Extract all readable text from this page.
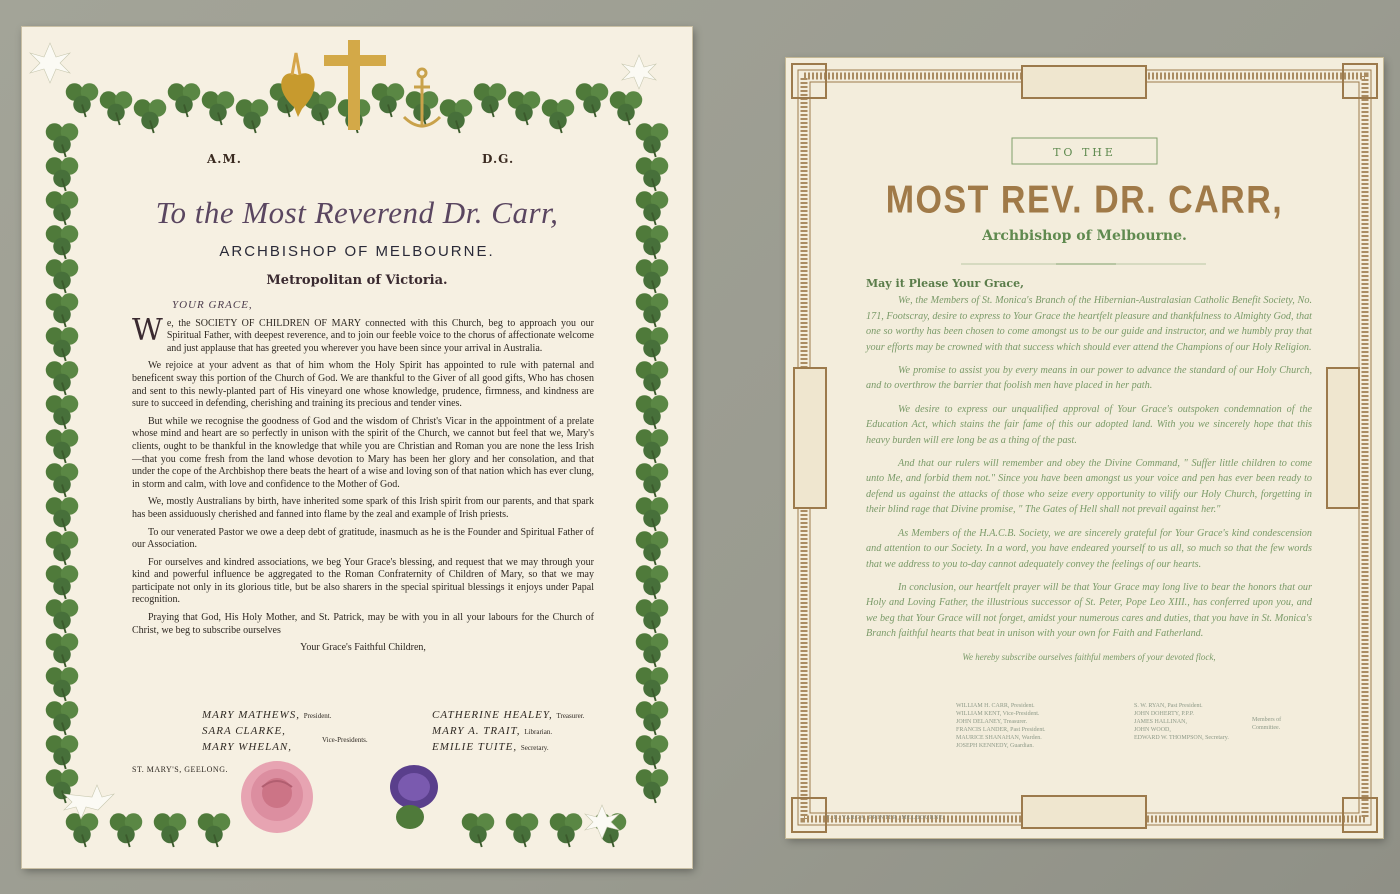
A.M.	D.G.
To the Most Reverend Dr. Carr,
ARCHBISHOP OF MELBOURNE.
Metropolitan of Victoria.
YOUR GRACE,

We, the SOCIETY OF CHILDREN OF MARY connected with this Church, beg to approach you our Spiritual Father, with deepest reverence, and to join our feeble voice to the chorus of affectionate welcome and just applause that has greeted you wherever you have been since your arrival in Australia.

We rejoice at your advent as that of him whom the Holy Spirit has appointed to rule with paternal and beneficent sway this portion of the Church of God. We are thankful to the Giver of all good gifts, Who has chosen and sent to this newly-planted part of His vineyard one whose knowledge, prudence, firmness, and kindness are sure to succeed in defending, cherishing and training its precious and tender vines.

But while we recognise the goodness of God and the wisdom of Christ's Vicar in the appointment of a prelate whose mind and heart are so perfectly in unison with the spirit of the Church, we cannot but feel that we, Mary's clients, ought to be thankful in the knowledge that while you are Christian and Roman you are none the less Irish—that you come fresh from the land whose devotion to Mary has been her glory and her consolation, and that under the cope of the Archbishop there beats the heart of a wise and loving son of that nation which has ever clung, in storm and calm, with love and confidence to the Mother of God.

We, mostly Australians by birth, have inherited some spark of this Irish spirit from our parents, and that spark has been assiduously cherished and fanned into flame by the zeal and example of Irish priests.

To our venerated Pastor we owe a deep debt of gratitude, inasmuch as he is the Founder and Spiritual Father of our Association.

For ourselves and kindred associations, we beg Your Grace's blessing, and request that we may through your kind and powerful influence be aggregated to the Roman Confraternity of Children of Mary, so that we may participate not only in its glorious title, but be also sharers in the special spiritual blessings it enjoys under Papal recognition.

Praying that God, His Holy Mother, and St. Patrick, may be with you in all your labours for the Church of Christ, we beg to subscribe ourselves

Your Grace's Faithful Children,
MARY MATHEWS, President.
SARA CLARKE,
MARY WHELAN,
Vice-Presidents.
CATHERINE HEALEY, Treasurer.
MARY A. TRAIT, Librarian.
EMILIE TUITE, Secretary.
ST. MARY'S, GEELONG.
TO THE
MOST REV. DR. CARR,
Archbishop of Melbourne.
May it Please Your Grace,

We, the Members of St. Monica's Branch of the Hibernian-Australasian Catholic Benefit Society, No. 171, Footscray, desire to express to Your Grace the heartfelt pleasure and thankfulness to Almighty God, that one so worthy has been chosen to come amongst us to be our guide and instructor, and we humbly pray that your efforts may be crowned with that success which should ever attend the Champions of our Holy Religion.

We promise to assist you by every means in our power to advance the standard of our Holy Church, and to overthrow the barrier that foolish men have placed in her path.

We desire to express our unqualified approval of Your Grace's outspoken condemnation of the Education Act, which stains the fair fame of this our adopted land. With you we sincerely hope that this heavy burden will ere long be as a thing of the past.

And that our rulers will remember and obey the Divine Command, " Suffer little children to come unto Me, and forbid them not." Since you have been amongst us your voice and pen has ever been ready to defend us against the attacks of those who seize every opportunity to vilify our Holy Church, forgetting in their blind rage that Divine promise, " The Gates of Hell shall not prevail against her."

As Members of the H.A.C.B. Society, we are sincerely grateful for Your Grace's kind condescension and attention to our Society. In a word, you have endeared yourself to us all, so much so that the few words that we address to you to-day cannot adequately convey the feelings of our hearts.

In conclusion, our heartfelt prayer will be that Your Grace may long live to bear the honors that our Holy and Loving Father, the illustrious successor of St. Peter, Pope Leo XIII., has conferred upon you, and we beg that Your Grace will not forget, amidst your numerous cares and duties, that you have in St. Monica's Branch faithful hearts that beat in unison with your own for Faith and Fatherland.

We hereby subscribe ourselves faithful members of your devoted flock,

WILLIAM H. CARR, President.
WILLIAM KENT, Vice-President.
JOHN DELANEY, Treasurer.
FRANCIS LANDER, Past President.
MAURICE SHANAHAN, Warden.
JOSEPH KENNEDY, Guardian.
S. W. RYAN, Past President.
JOHN DOHERTY, P.P.P.
JAMES HALLINAN,
JOHN WOOD,
EDWARD W. THOMPSON, Secretary.
Members of Committee.
T. E. VARGA, PRINTER, MELBOURNE.
